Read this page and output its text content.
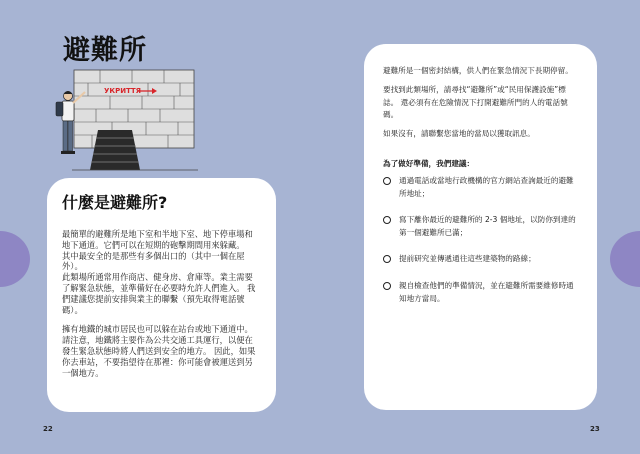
避難所
УКРИТТЯ
什麼是避難所?

最簡單的避難所是地下室和半地下室、地下停車場和地下通道。它們可以在短期的砲擊期間用來躲藏。

其中最安全的是那些有多個出口的（其中一個在屋外）。

此類場所通常用作商店、健身房、倉庫等。業主需要了解緊急狀態，並準備好在必要時允許人們進入。 我們建議您提前安排與業主的聯繫（預先取得電話號碼）。

擁有地鐵的城市居民也可以躲在站台或地下通道中。

請注意，地鐵將主要作為公共交通工具運行，以便在發生緊急狀態時將人們送到安全的地方。 因此，如果你去車站，不要指望待在那裡：你可能會被運送到另一個地方。

避難所是一個密封結構，供人們在緊急情況下長期停留。

要找到此類場所，請尋找“避難所”或“民用保護設施”標誌。 還必須有在危險情況下打開避難所門的人的電話號碼。

如果沒有，請聯繫您當地的當局以獲取訊息。

為了做好準備，我們建議：

通過電話或當地行政機構的官方網站查詢最近的避難所地址；
寫下離你最近的避難所的 2-3 個地址，以防你到達的第一個避難所已滿；
提前研究並傳遞通往這些建築物的路線；
親自檢查他們的準備情況，並在避難所需要維修時通知地方當局。
22	23
